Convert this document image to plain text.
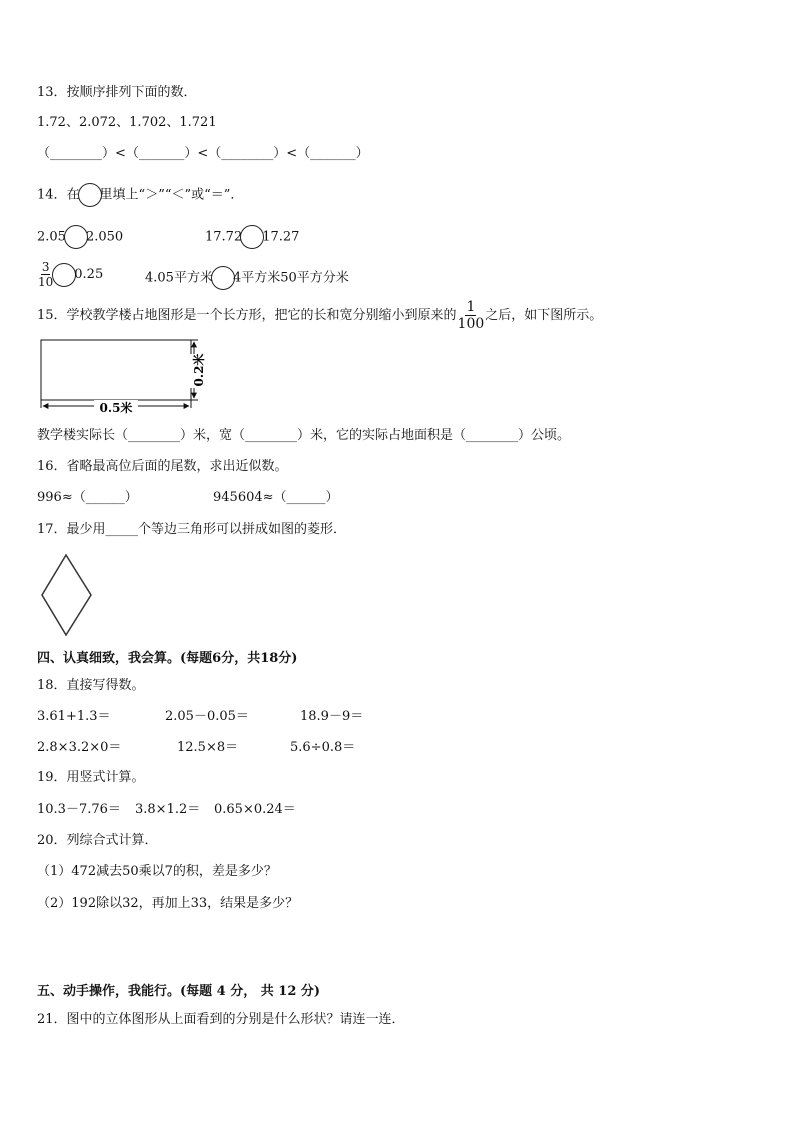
13．按顺序排列下面的数．
1.72、2.072、1.702、1.721
（________）<（_______）<（________）<（_______）
14．在 里填上“＞”“＜”或“＝”．
2.05 2.050	17.72 17.27
$\frac{3}{10} 0.25$	4.05平方米 4平方米50平方分米
15．学校教学楼占地图形是一个长方形，把它的长和宽分别缩小到原来的 $\frac{1}{100}$ 之后，如下图所示。
0.2米
0.5米
教学楼实际长（________）米，宽（________）米，它的实际占地面积是（________）公顷。
16．省略最高位后面的尾数，求出近似数。
996≈（______）	945604≈（______）
17．最少用_____个等边三角形可以拼成如图的菱形．
四、认真细致，我会算。(每题6分，共18分)
18．直接写得数。
3.61+1.3＝	2.05－0.05＝	18.9－9＝
2.8×3.2×0＝	12.5×8＝	5.6÷0.8＝
19．用竖式计算。
10.3－7.76＝ 3.8×1.2＝ 0.65×0.24＝
20．列综合式计算．
（1）472减去50乘以7的积，差是多少？
（2）192除以32，再加上33，结果是多少？
五、动手操作，我能行。(每题 4 分， 共 12 分)
21．图中的立体图形从上面看到的分别是什么形状？请连一连．
